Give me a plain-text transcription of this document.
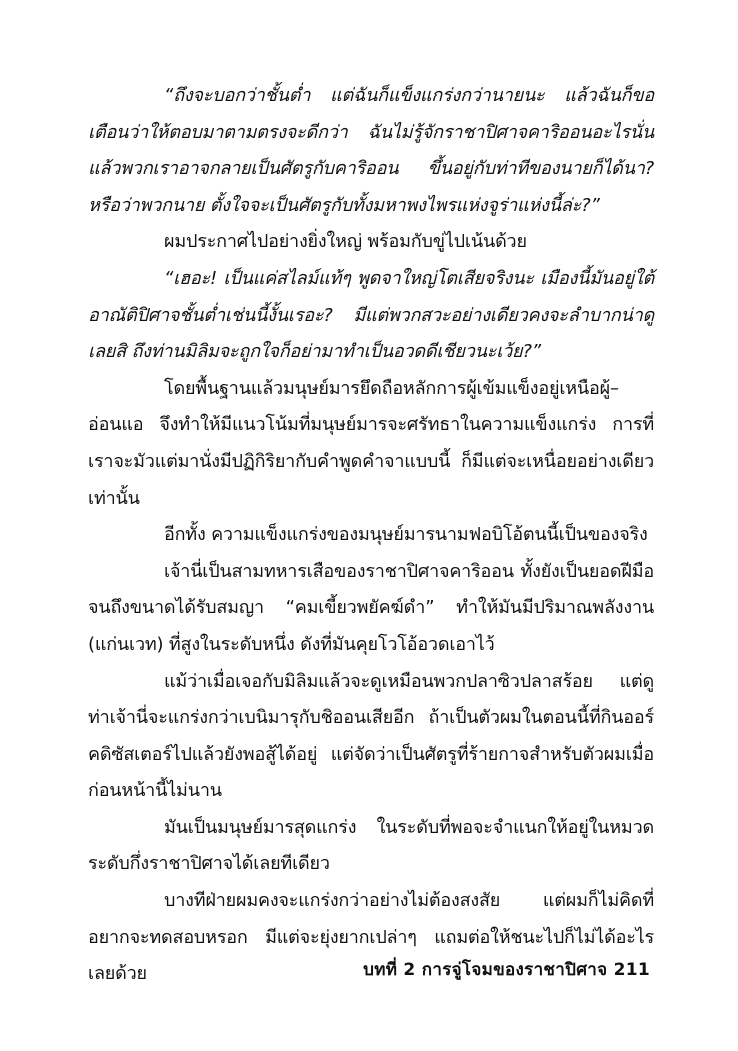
“ถึงจะบอกว่าชั้นต่ำ แต่ฉันก็แข็งแกร่งกว่านายนะ แล้วฉันก็ขอเตือนว่าให้ตอบมาตามตรงจะดีกว่า ฉันไม่รู้จักราชาปิศาจคาริออนอะไรนั่น แล้วพวกเราอาจกลายเป็นศัตรูกับคาริออน ขึ้นอยู่กับท่าทีของนายก็ได้นา? หรือว่าพวกนาย ตั้งใจจะเป็นศัตรูกับทั้งมหาพงไพรแห่งจูร่าแห่งนี้ล่ะ?”

ผมประกาศไปอย่างยิ่งใหญ่ พร้อมกับขู่ไปเน้นด้วย

“เฮอะ! เป็นแค่สไลม์แท้ๆ พูดจาใหญ่โตเสียจริงนะ เมืองนี้มันอยู่ใต้อาณัติปิศาจชั้นต่ำเช่นนี้งั้นเรอะ? มีแต่พวกสวะอย่างเดียวคงจะลำบากน่าดูเลยสิ ถึงท่านมิลิมจะถูกใจก็อย่ามาทำเป็นอวดดีเชียวนะเว้ย?”

โดยพื้นฐานแล้วมนุษย์มารยึดถือหลักการผู้เข้มแข็งอยู่เหนือผู้–อ่อนแอ จึงทำให้มีแนวโน้มที่มนุษย์มารจะศรัทธาในความแข็งแกร่ง การที่เราจะมัวแต่มานั่งมีปฏิกิริยากับคำพูดคำจาแบบนี้ ก็มีแต่จะเหนื่อยอย่างเดียวเท่านั้น

อีกทั้ง ความแข็งแกร่งของมนุษย์มารนามฟอบิโอ้ตนนี้เป็นของจริง

เจ้านี่เป็นสามทหารเสือของราชาปิศาจคาริออน ทั้งยังเป็นยอดฝีมือจนถึงขนาดได้รับสมญา “คมเขี้ยวพยัคฆ์ดำ” ทำให้มันมีปริมาณพลังงาน (แก่นเวท) ที่สูงในระดับหนึ่ง ดังที่มันคุยโวโอ้อวดเอาไว้

แม้ว่าเมื่อเจอกับมิลิมแล้วจะดูเหมือนพวกปลาซิวปลาสร้อย แต่ดูท่าเจ้านี่จะแกร่งกว่าเบนิมารุกับชิออนเสียอีก ถ้าเป็นตัวผมในตอนนี้ที่กินออร์คดิซัสเตอร์ไปแล้วยังพอสู้ได้อยู่ แต่จัดว่าเป็นศัตรูที่ร้ายกาจสำหรับตัวผมเมื่อก่อนหน้านี้ไม่นาน

มันเป็นมนุษย์มารสุดแกร่ง ในระดับที่พอจะจำแนกให้อยู่ในหมวดระดับกึ่งราชาปิศาจได้เลยทีเดียว

บางทีฝ่ายผมคงจะแกร่งกว่าอย่างไม่ต้องสงสัย แต่ผมก็ไม่คิดที่อยากจะทดสอบหรอก มีแต่จะยุ่งยากเปล่าๆ แถมต่อให้ชนะไปก็ไม่ได้อะไรเลยด้วย	บทที่ 2 การจู่โจมของราชาปิศาจ 211
